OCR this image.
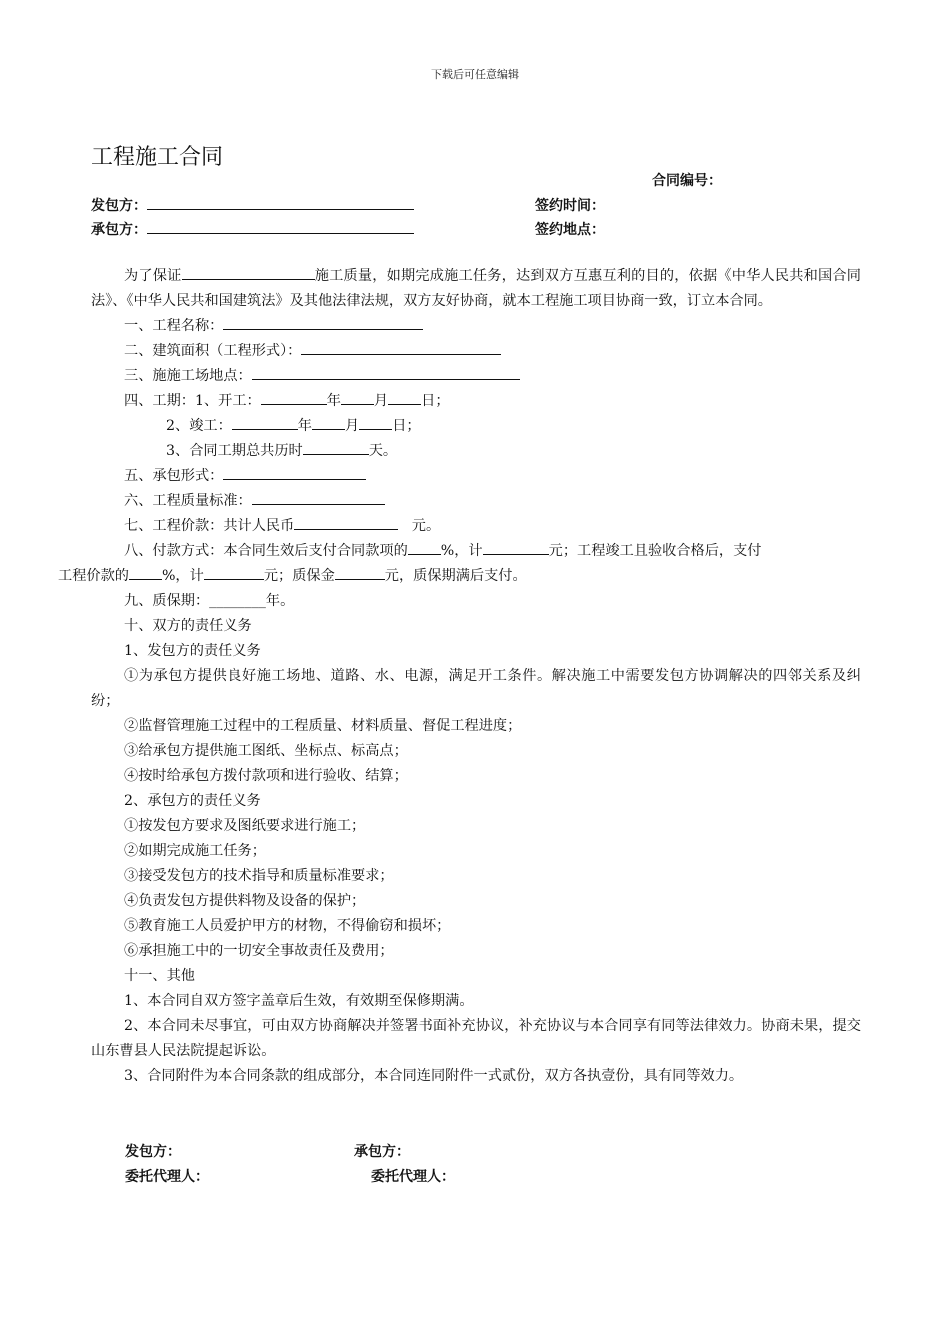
下载后可任意编辑
工程施工合同
合同编号：
发包方：	签约时间：
承包方：	签约地点：

为了保证	施工质量，如期完成施工任务，达到双方互惠互利的目的，依据《中华人民共和国合同法》、《中华人民共和国建筑法》及其他法律法规，双方友好协商，就本工程施工项目协商一致，订立本合同。

一、工程名称：

二、建筑面积（工程形式）：

三、施施工场地点：

四、工期：1、开工：	年 月 日；

2、竣工：	年 月 日；

3、合同工期总共历时	天。

五、承包形式：

六、工程质量标准：

七、工程价款：共计人民币	元。

八、付款方式：本合同生效后支付合同款项的 %，计	元；工程竣工且验收合格后，支付
工程价款的 %，计	元；质保金	元，质保期满后支付。

九、质保期：________年。

十、双方的责任义务

1、发包方的责任义务

①为承包方提供良好施工场地、道路、水、电源，满足开工条件。解决施工中需要发包方协调解决的四邻关系及纠纷；

②监督管理施工过程中的工程质量、材料质量、督促工程进度；

③给承包方提供施工图纸、坐标点、标高点；

④按时给承包方拨付款项和进行验收、结算；

2、承包方的责任义务

①按发包方要求及图纸要求进行施工；

②如期完成施工任务；

③接受发包方的技术指导和质量标准要求；

④负责发包方提供料物及设备的保护；

⑤教育施工人员爱护甲方的材物，不得偷窃和损坏；

⑥承担施工中的一切安全事故责任及费用；

十一、其他

1、本合同自双方签字盖章后生效，有效期至保修期满。

2、本合同未尽事宜，可由双方协商解决并签署书面补充协议，补充协议与本合同享有同等法律效力。协商未果，提交山东曹县人民法院提起诉讼。

3、合同附件为本合同条款的组成部分，本合同连同附件一式贰份，双方各执壹份，具有同等效力。

发包方：	承包方：
委托代理人：	委托代理人：
